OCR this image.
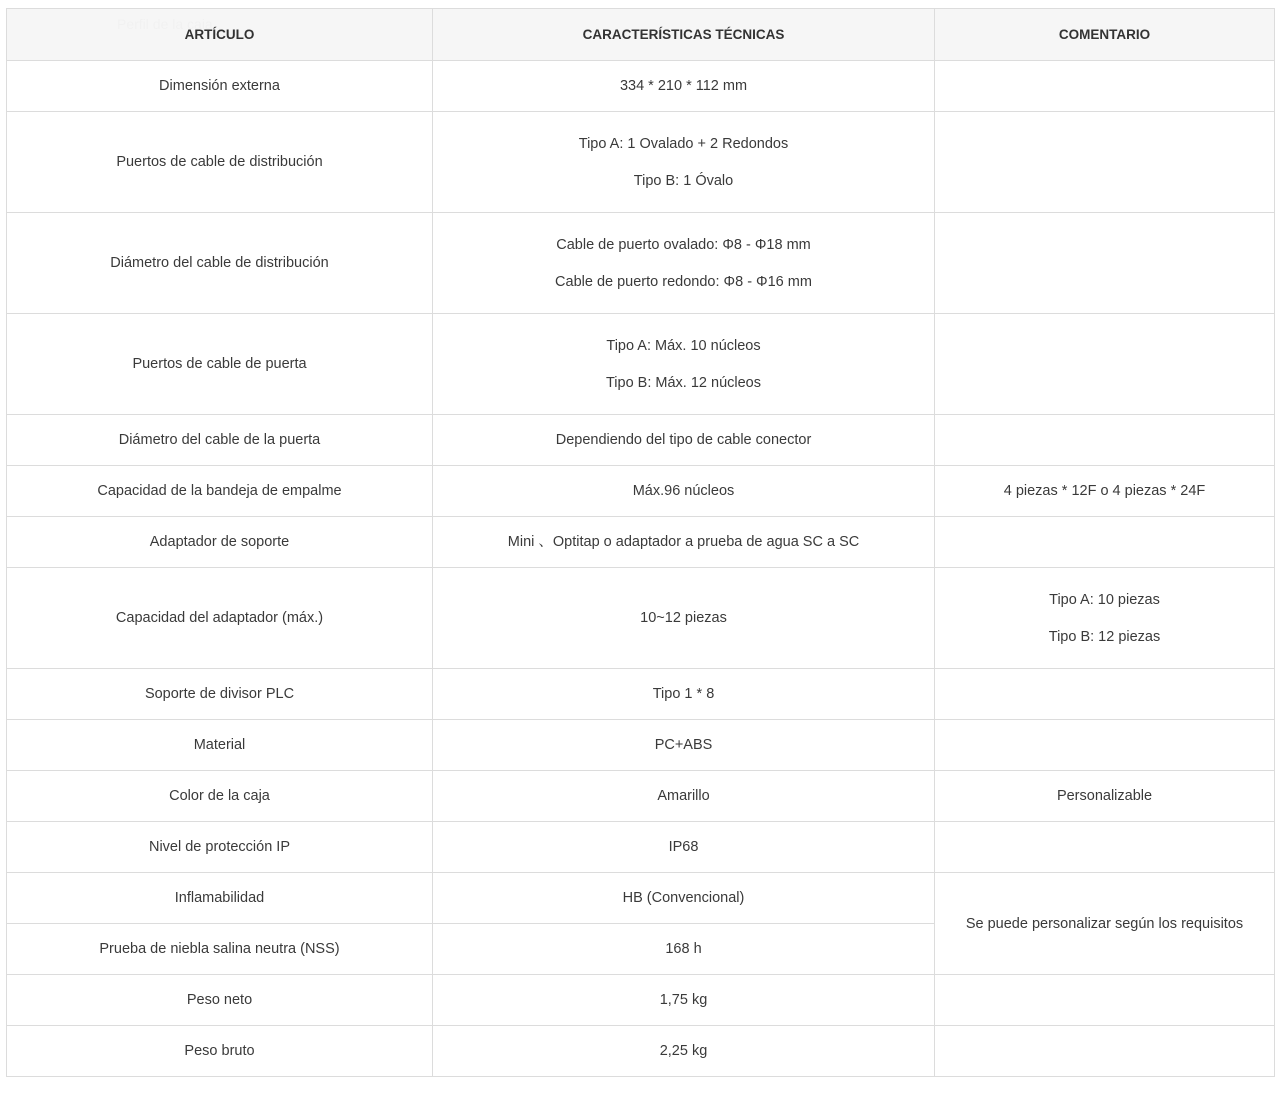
ARTÍCULO	CARACTERÍSTICAS TÉCNICAS	COMENTARIO
Dimensión externa	334 * 210 * 112 mm	

Puertos de cable de distribución	Tipo A: 1 Ovalado + 2 Redondos
Tipo B: 1 Óvalo	

Diámetro del cable de distribución	Cable de puerto ovalado: Φ8 - Φ18 mm
Cable de puerto redondo: Φ8 - Φ16 mm	

Puertos de cable de puerta	Tipo A: Máx. 10 núcleos
Tipo B: Máx. 12 núcleos	

Diámetro del cable de la puerta	Dependiendo del tipo de cable conector	

Capacidad de la bandeja de empalme	Máx.96 núcleos	4 piezas * 12F o 4 piezas * 24F

Adaptador de soporte	Mini 、Optitap o adaptador a prueba de agua SC a SC	

Capacidad del adaptador (máx.)	10~12 piezas	Tipo A: 10 piezas
Tipo B: 12 piezas

Soporte de divisor PLC	Tipo 1 * 8	

Material	PC+ABS	

Color de la caja	Amarillo	Personalizable

Nivel de protección IP	IP68	

Inflamabilidad	HB (Convencional)	Se puede personalizar según los requisitos

Prueba de niebla salina neutra (NSS)	168 h	

Peso neto	1,75 kg	

Peso bruto	2,25 kg	
